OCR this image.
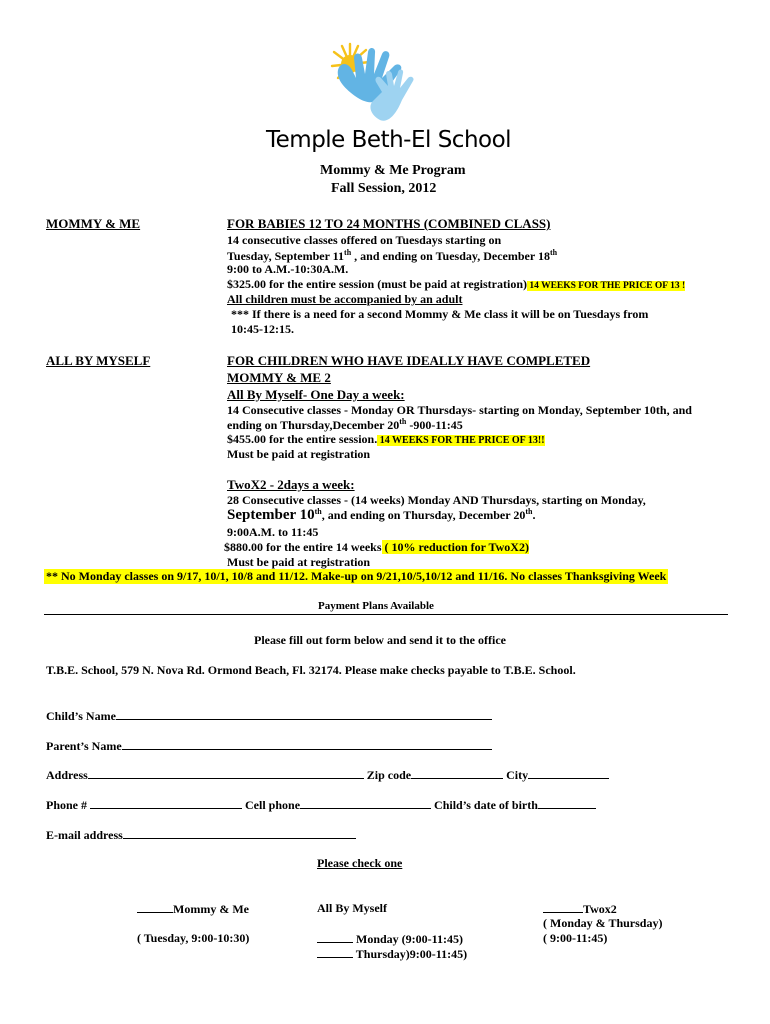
Temple Beth-El School
Mommy & Me Program
Fall Session, 2012
MOMMY & ME	FOR BABIES 12 TO 24 MONTHS (COMBINED CLASS)
14 consecutive classes offered on Tuesdays starting on
Tuesday, September 11th , and ending on Tuesday, December 18th
9:00 to A.M.-10:30A.M.
$325.00 for the entire session (must be paid at registration) 14 WEEKS FOR THE PRICE OF 13 !
All children must be accompanied by an adult
*** If there is a need for a second Mommy & Me class it will be on Tuesdays from
10:45-12:15.
ALL BY MYSELF	FOR CHILDREN WHO HAVE IDEALLY HAVE COMPLETED
MOMMY & ME 2
All By Myself- One Day a week:
14 Consecutive classes - Monday OR Thursdays- starting on Monday, September 10th, and
ending on Thursday,December 20th -900-11:45
$455.00 for the entire session. 14 WEEKS FOR THE PRICE OF 13!!
Must be paid at registration
TwoX2 - 2days a week:
28 Consecutive classes - (14 weeks) Monday AND Thursdays, starting on Monday,
September 10th, and ending on Thursday, December 20th.
9:00A.M. to 11:45
$880.00 for the entire 14 weeks ( 10% reduction for TwoX2)
Must be paid at registration
** No Monday classes on 9/17, 10/1, 10/8 and 11/12. Make-up on 9/21,10/5,10/12 and 11/16. No classes Thanksgiving Week
Payment Plans Available
Please fill out form below and send it to the office
T.B.E. School, 579 N. Nova Rd. Ormond Beach, Fl. 32174. Please make checks payable to T.B.E. School.
Child’s Name
Parent’s Name
Address	Zip code	City
Phone #	Cell phone	Child’s date of birth
E-mail address
Please check one
Mommy & Me
( Tuesday, 9:00-10:30)
All By Myself
Monday (9:00-11:45)
Thursday)9:00-11:45)
Twox2
( Monday & Thursday)
( 9:00-11:45)
